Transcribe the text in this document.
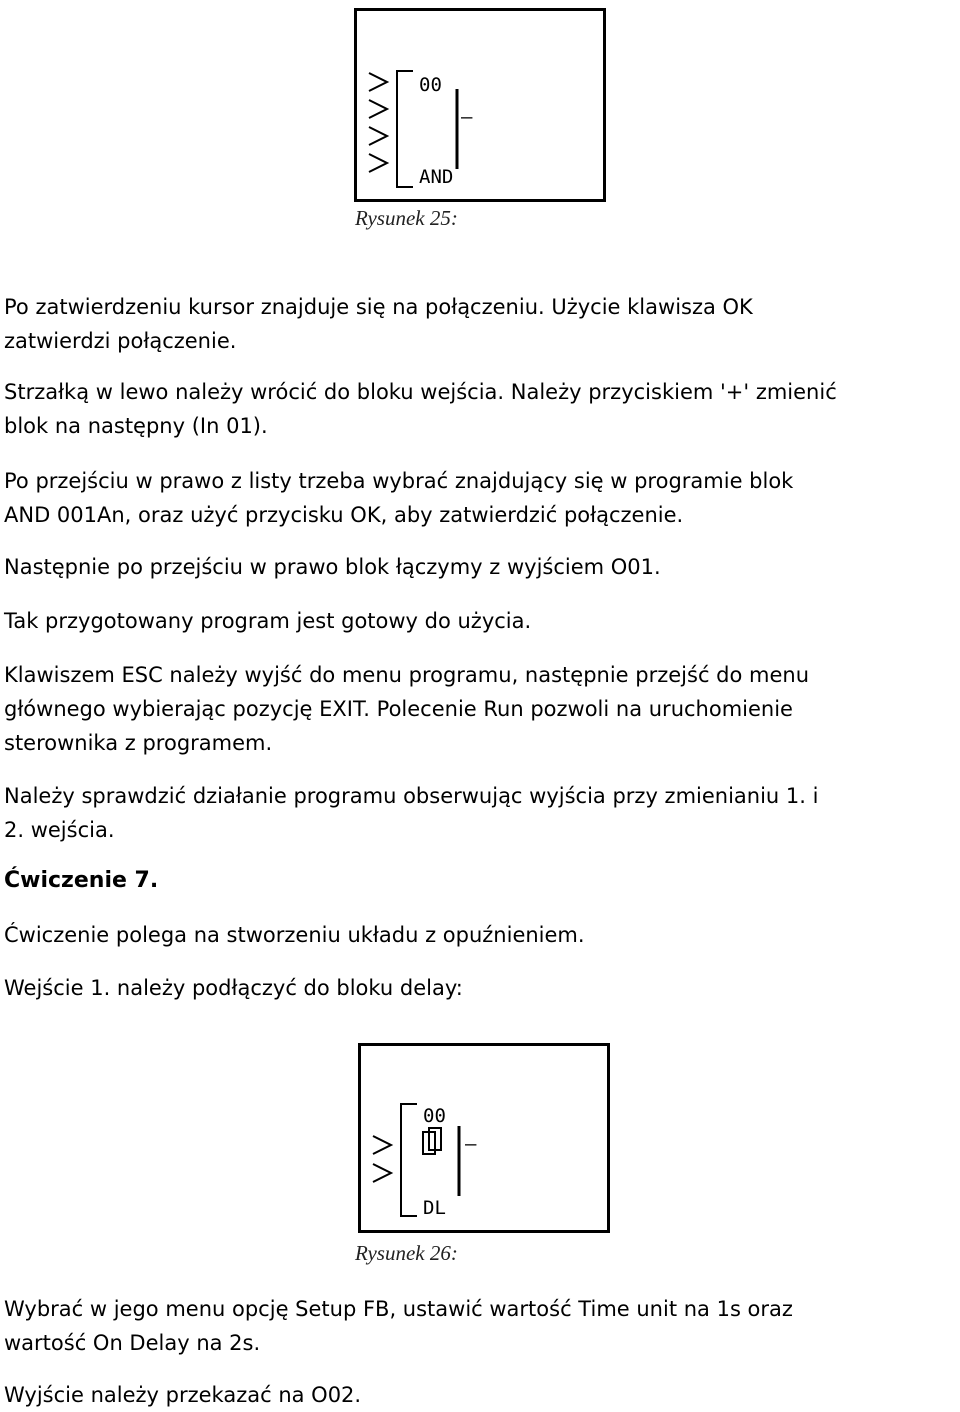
00
–
AND
Rysunek 25:

Po zatwierdzeniu kursor znajduje się na połączeniu. Użycie klawisza OK
zatwierdzi połączenie.

Strzałką w lewo należy wrócić do bloku wejścia. Należy przyciskiem '+' zmienić
blok na następny (In 01).

Po przejściu w prawo z listy trzeba wybrać znajdujący się w programie blok
AND 001An, oraz użyć przycisku OK, aby zatwierdzić połączenie.

Następnie po przejściu w prawo blok łączymy z wyjściem O01.

Tak przygotowany program jest gotowy do użycia.

Klawiszem ESC należy wyjść do menu programu, następnie przejść do menu
głównego wybierając pozycję EXIT. Polecenie Run pozwoli na uruchomienie
sterownika z programem.

Należy sprawdzić działanie programu obserwując wyjścia przy zmienianiu 1. i
2. wejścia.

Ćwiczenie 7.

Ćwiczenie polega na stworzeniu układu z opuźnieniem.

Wejście 1. należy podłączyć do bloku delay:

00
–
DL
Rysunek 26:

Wybrać w jego menu opcję Setup FB, ustawić wartość Time unit na 1s oraz
wartość On Delay na 2s.

Wyjście należy przekazać na O02.
